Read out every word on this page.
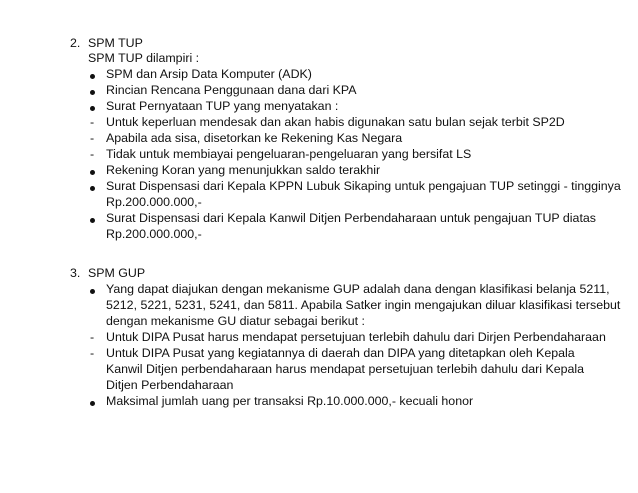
2. SPM TUP
SPM TUP dilampiri :
SPM dan Arsip Data Komputer (ADK)
Rincian Rencana Penggunaan dana dari KPA
Surat Pernyataan TUP yang menyatakan :
- Untuk keperluan mendesak dan akan habis digunakan satu bulan sejak terbit SP2D
- Apabila ada sisa, disetorkan ke Rekening Kas Negara
- Tidak untuk membiayai pengeluaran-pengeluaran yang bersifat LS
Rekening Koran yang menunjukkan saldo terakhir
Surat Dispensasi dari Kepala KPPN Lubuk Sikaping untuk pengajuan TUP setinggi - tingginya
Rp.200.000.000,-
Surat Dispensasi dari Kepala Kanwil Ditjen Perbendaharaan untuk pengajuan TUP diatas
Rp.200.000.000,-
3. SPM GUP
Yang dapat diajukan dengan mekanisme GUP adalah dana dengan klasifikasi belanja 5211,
5212, 5221, 5231, 5241, dan 5811. Apabila Satker ingin mengajukan diluar klasifikasi tersebut
dengan mekanisme GU diatur sebagai berikut :
- Untuk DIPA Pusat harus mendapat persetujuan terlebih dahulu dari Dirjen Perbendaharaan
- Untuk DIPA Pusat yang kegiatannya di daerah dan DIPA yang ditetapkan oleh Kepala
Kanwil Ditjen perbendaharaan harus mendapat persetujuan terlebih dahulu dari Kepala
Ditjen Perbendaharaan
Maksimal jumlah uang per transaksi Rp.10.000.000,- kecuali honor
